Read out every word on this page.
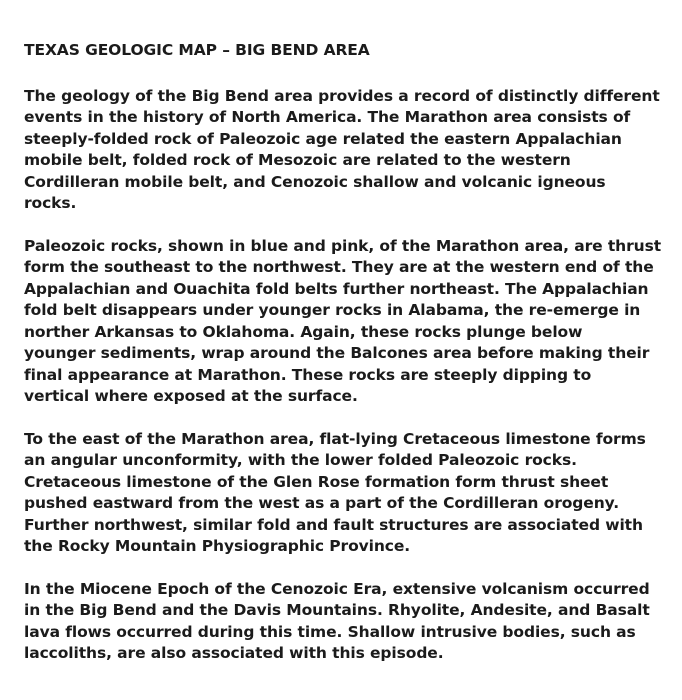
TEXAS GEOLOGIC MAP – BIG BEND AREA
The geology of the Big Bend area provides a record of distinctly different
events in the history of North America. The Marathon area consists of
steeply-folded rock of Paleozoic age related the eastern Appalachian
mobile belt, folded rock of Mesozoic are related to the western
Cordilleran mobile belt, and Cenozoic shallow and volcanic igneous
rocks.
Paleozoic rocks, shown in blue and pink, of the Marathon area, are thrust
form the southeast to the northwest. They are at the western end of the
Appalachian and Ouachita fold belts further northeast. The Appalachian
fold belt disappears under younger rocks in Alabama, the re-emerge in
norther Arkansas to Oklahoma. Again, these rocks plunge below
younger sediments, wrap around the Balcones area before making their
final appearance at Marathon. These rocks are steeply dipping to
vertical where exposed at the surface.
To the east of the Marathon area, flat-lying Cretaceous limestone forms
an angular unconformity, with the lower folded Paleozoic rocks.
Cretaceous limestone of the Glen Rose formation form thrust sheet
pushed eastward from the west as a part of the Cordilleran orogeny.
Further northwest, similar fold and fault structures are associated with
the Rocky Mountain Physiographic Province.
In the Miocene Epoch of the Cenozoic Era, extensive volcanism occurred
in the Big Bend and the Davis Mountains. Rhyolite, Andesite, and Basalt
lava flows occurred during this time. Shallow intrusive bodies, such as
laccoliths, are also associated with this episode.
